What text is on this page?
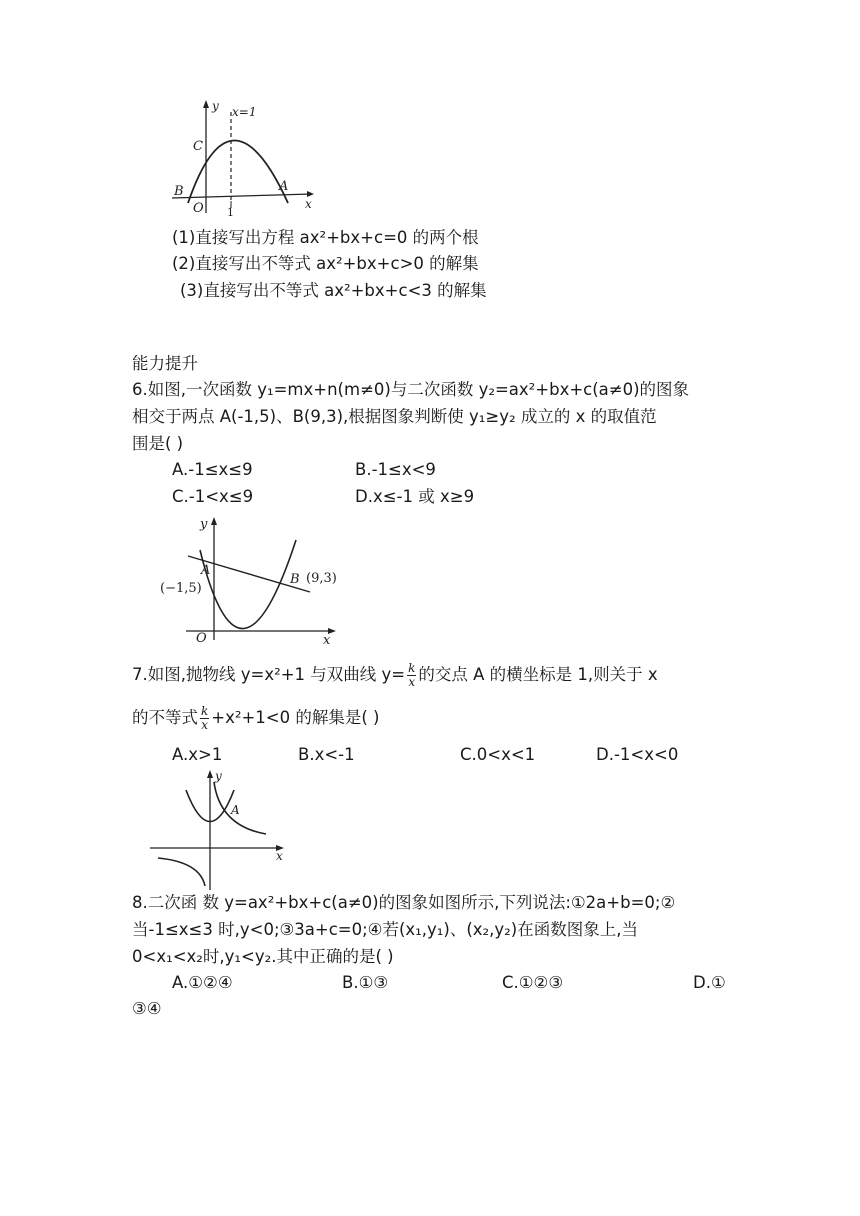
y x=1
C
B	A
O 1
x
(1)直接写出方程 ax²+bx+c=0 的两个根
(2)直接写出不等式 ax²+bx+c>0 的解集
(3)直接写出不等式 ax²+bx+c<3 的解集
能力提升
6.如图,一次函数 y₁=mx+n(m≠0)与二次函数 y₂=ax²+bx+c(a≠0)的图象
相交于两点 A(-1,5)、B(9,3),根据图象判断使 y₁≥y₂ 成立的 x 的取值范
围是( )
A.-1≤x≤9	B.-1≤x<9
C.-1<x≤9	D.x≤-1 或 x≥9
y
A
(−1,5)
B (9,3)
O	x
7.如图,抛物线 y=x²+1 与双曲线 $y= \frac{k}{x}$ 的交点 A 的横坐标是 1,则关于 x
的不等式 $\frac{k}{x} +x^2+1<0$ 的解集是( )
A.x>1	B.x<-1	C.0<x<1	D.-1<x<0
y
A
x
8.二次函 数 y=ax²+bx+c(a≠0)的图象如图所示,下列说法:①2a+b=0;②
当-1≤x≤3 时,y<0;③3a+c=0;④若(x₁,y₁)、(x₂,y₂)在函数图象上,当
0<x₁<x₂时,y₁<y₂.其中正确的是( )
A.①②④	B.①③	C.①②③	D.①
③④
